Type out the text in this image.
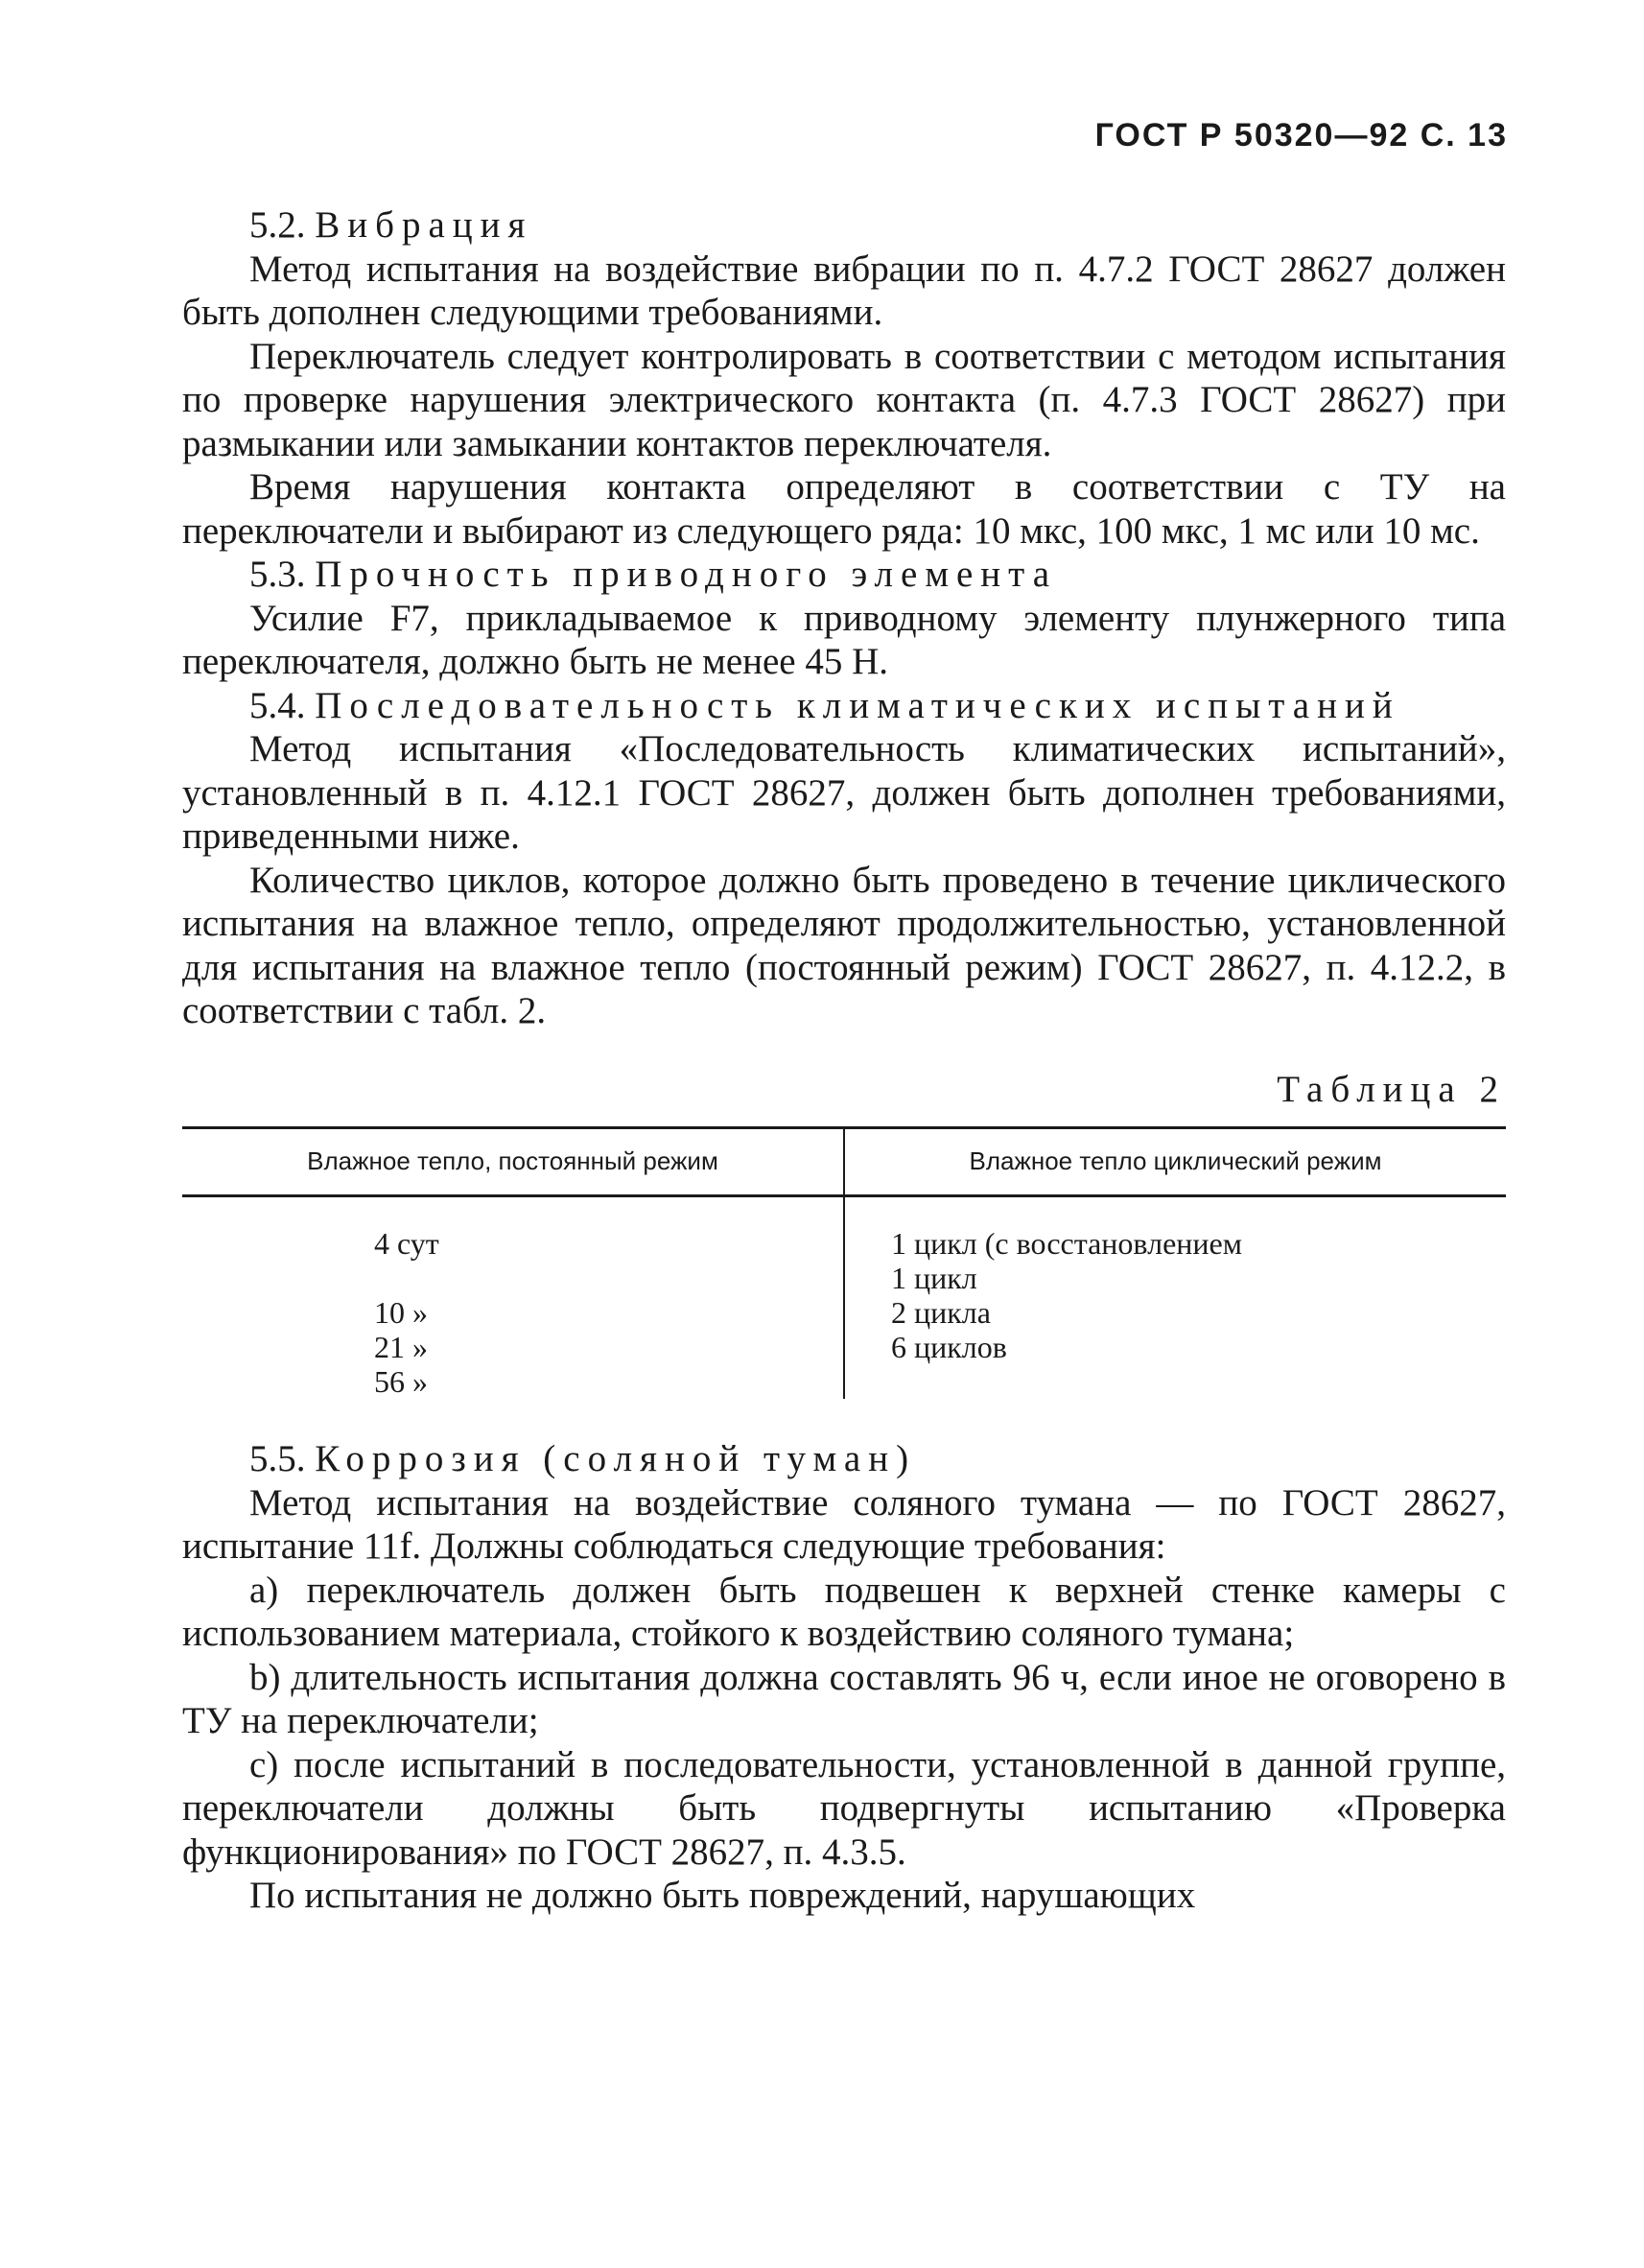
ГОСТ Р 50320—92 С. 13

5.2. Вибрация

Метод испытания на воздействие вибрации по п. 4.7.2 ГОСТ 28627 должен быть дополнен следующими требованиями.

Переключатель следует контролировать в соответствии с методом испытания по проверке нарушения электрического контакта (п. 4.7.3 ГОСТ 28627) при размыкании или замыкании контактов переключателя.

Время нарушения контакта определяют в соответствии с ТУ на переключатели и выбирают из следующего ряда: 10 мкс, 100 мкс, 1 мс или 10 мс.

5.3. Прочность приводного элемента

Усилие F7, прикладываемое к приводному элементу плунжерного типа переключателя, должно быть не менее 45 Н.

5.4. Последовательность климатических испытаний

Метод испытания «Последовательность климатических испытаний», установленный в п. 4.12.1 ГОСТ 28627, должен быть дополнен требованиями, приведенными ниже.

Количество циклов, которое должно быть проведено в течение циклического испытания на влажное тепло, определяют продолжительностью, установленной для испытания на влажное тепло (постоянный режим) ГОСТ 28627, п. 4.12.2, в соответствии с табл. 2.

Таблица 2
Влажное тепло, постоянный режим	Влажное тепло циклический режим
4 сут	1 цикл (с восстановлением
	1 цикл
10 »	2 цикла
21 »	6 циклов
56 »	

5.5. Коррозия (соляной туман)

Метод испытания на воздействие соляного тумана — по ГОСТ 28627, испытание 11f. Должны соблюдаться следующие требования:

а) переключатель должен быть подвешен к верхней стенке камеры с использованием материала, стойкого к воздействию соляного тумана;

b) длительность испытания должна составлять 96 ч, если иное не оговорено в ТУ на переключатели;

с) после испытаний в последовательности, установленной в данной группе, переключатели должны быть подвергнуты испытанию «Проверка функционирования» по ГОСТ 28627, п. 4.3.5.

По испытания не должно быть повреждений, нарушающих
